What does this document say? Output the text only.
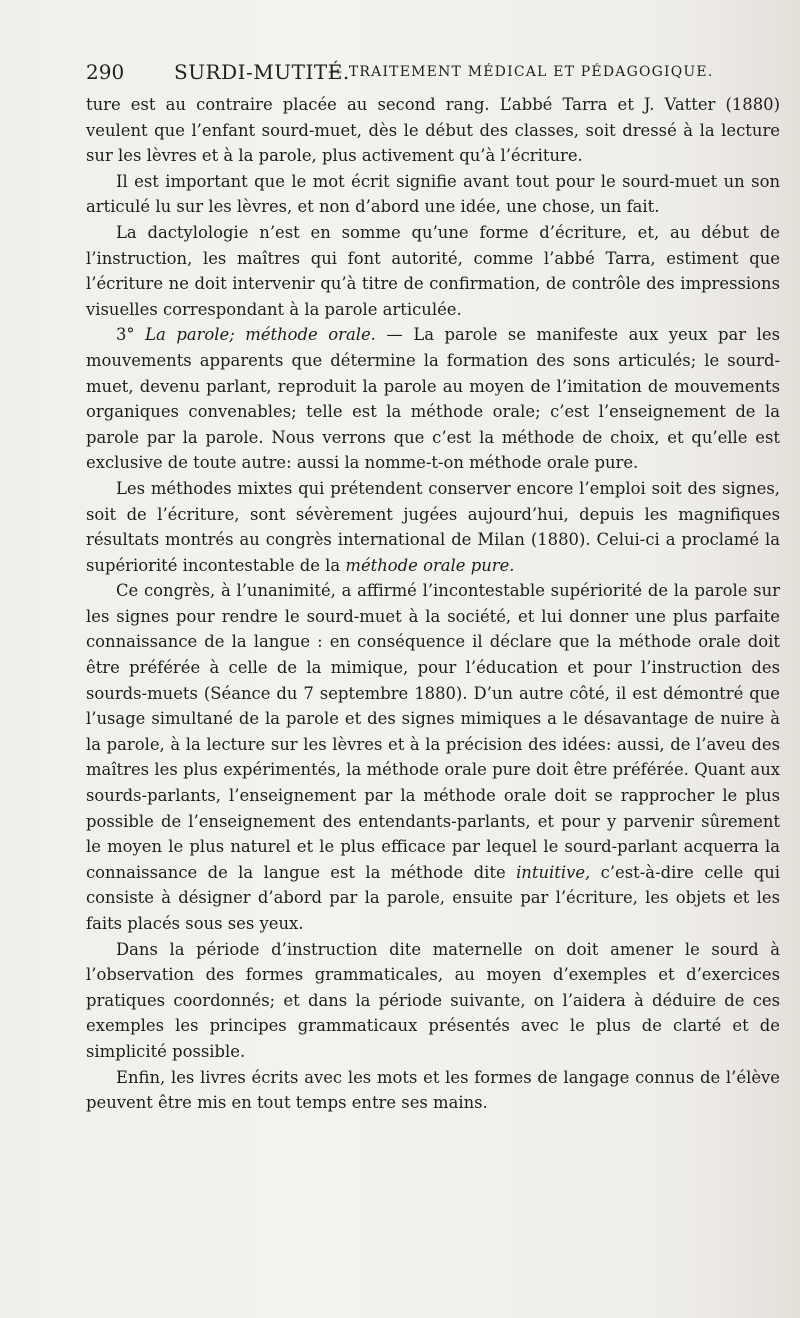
290 SURDI-MUTITÉ.
— TRAITEMENT MÉDICAL ET PÉDAGOGIQUE.

ture est au contraire placée au second rang. L’abbé Tarra et J. Vatter (1880) veulent que l’enfant sourd-muet, dès le début des classes, soit dressé à la lecture sur les lèvres et à la parole, plus activement qu’à l’écriture.

Il est important que le mot écrit signifie avant tout pour le sourd-muet un son articulé lu sur les lèvres, et non d’abord une idée, une chose, un fait.

La dactylologie n’est en somme qu’une forme d’écriture, et, au début de l’instruction, les maîtres qui font autorité, comme l’abbé Tarra, estiment que l’écriture ne doit intervenir qu’à titre de confirmation, de contrôle des impressions visuelles correspondant à la parole articulée.

3° La parole; méthode orale. — La parole se manifeste aux yeux par les mouvements apparents que détermine la formation des sons articulés; le sourd-muet, devenu parlant, reproduit la parole au moyen de l’imitation de mouvements organiques convenables; telle est la méthode orale; c’est l’enseignement de la parole par la parole. Nous verrons que c’est la méthode de choix, et qu’elle est exclusive de toute autre: aussi la nomme-t-on méthode orale pure.

Les méthodes mixtes qui prétendent conserver encore l’emploi soit des signes, soit de l’écriture, sont sévèrement jugées aujourd’hui, depuis les magnifiques résultats montrés au congrès international de Milan (1880). Celui-ci a proclamé la supériorité incontestable de la méthode orale pure.

Ce congrès, à l’unanimité, a affirmé l’incontestable supériorité de la parole sur les signes pour rendre le sourd-muet à la société, et lui donner une plus parfaite connaissance de la langue : en conséquence il déclare que la méthode orale doit être préférée à celle de la mimique, pour l’éducation et pour l’instruction des sourds-muets (Séance du 7 septembre 1880). D’un autre côté, il est démontré que l’usage simultané de la parole et des signes mimiques a le désavantage de nuire à la parole, à la lecture sur les lèvres et à la précision des idées: aussi, de l’aveu des maîtres les plus expérimentés, la méthode orale pure doit être préférée. Quant aux sourds-parlants, l’enseignement par la méthode orale doit se rapprocher le plus possible de l’enseignement des entendants-parlants, et pour y parvenir sûrement le moyen le plus naturel et le plus efficace par lequel le sourd-parlant acquerra la connaissance de la langue est la méthode dite intuitive, c’est-à-dire celle qui consiste à désigner d’abord par la parole, ensuite par l’écriture, les objets et les faits placés sous ses yeux.

Dans la période d’instruction dite maternelle on doit amener le sourd à l’observation des formes grammaticales, au moyen d’exemples et d’exercices pratiques coordonnés; et dans la période suivante, on l’aidera à déduire de ces exemples les principes grammaticaux présentés avec le plus de clarté et de simplicité possible.

Enfin, les livres écrits avec les mots et les formes de langage connus de l’élève peuvent être mis en tout temps entre ses mains.
